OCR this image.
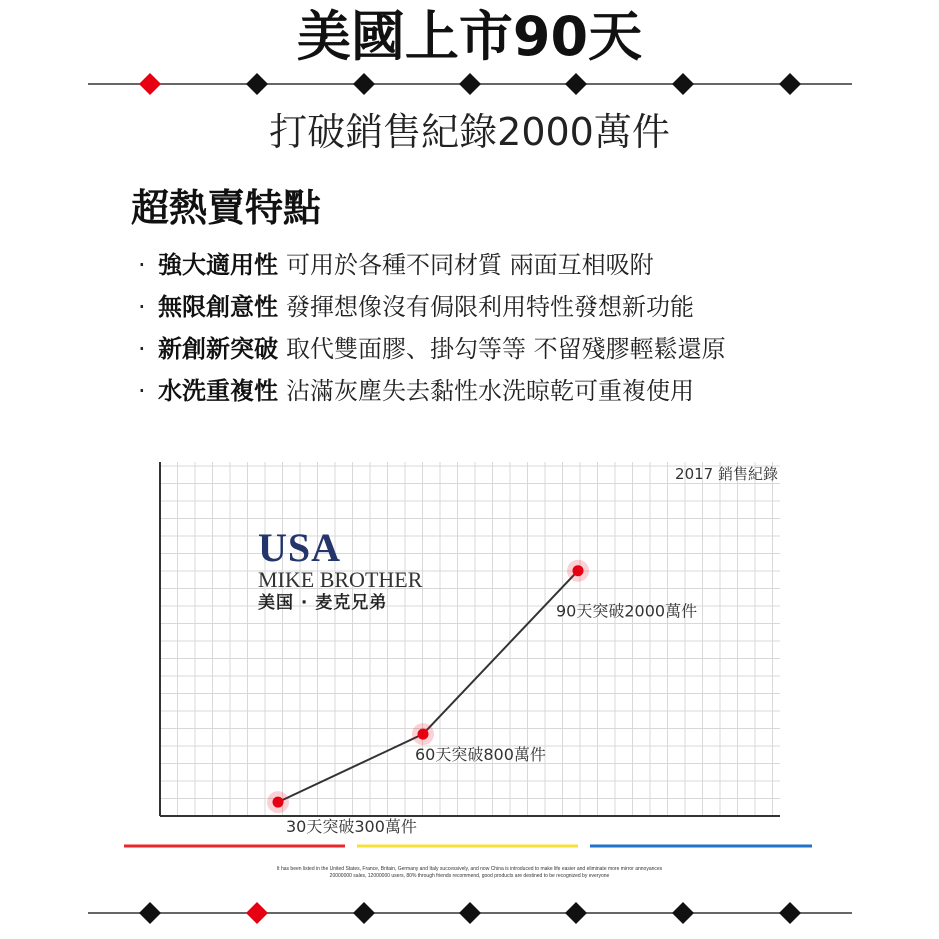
美國上市90天
30天突破300萬件
60天突破800萬件
90天突破2000萬件
2017 銷售紀錄
打破銷售紀錄2000萬件
超熱賣特點
· 強大適用性 可用於各種不同材質 兩面互相吸附
· 無限創意性 發揮想像沒有侷限利用特性發想新功能
· 新創新突破 取代雙面膠、掛勾等等 不留殘膠輕鬆還原
· 水洗重複性 沾滿灰塵失去黏性水洗晾乾可重複使用
USA
MIKE BROTHER
美国 · 麦克兄弟
It has been listed in the United States, France, Britain, Germany and Italy successively, and now China is introduced to make life easier and eliminate more mirror annoyances
20000000 sales, 12000000 users, 80% through friends recommend, good products are destined to be recognized by everyone
